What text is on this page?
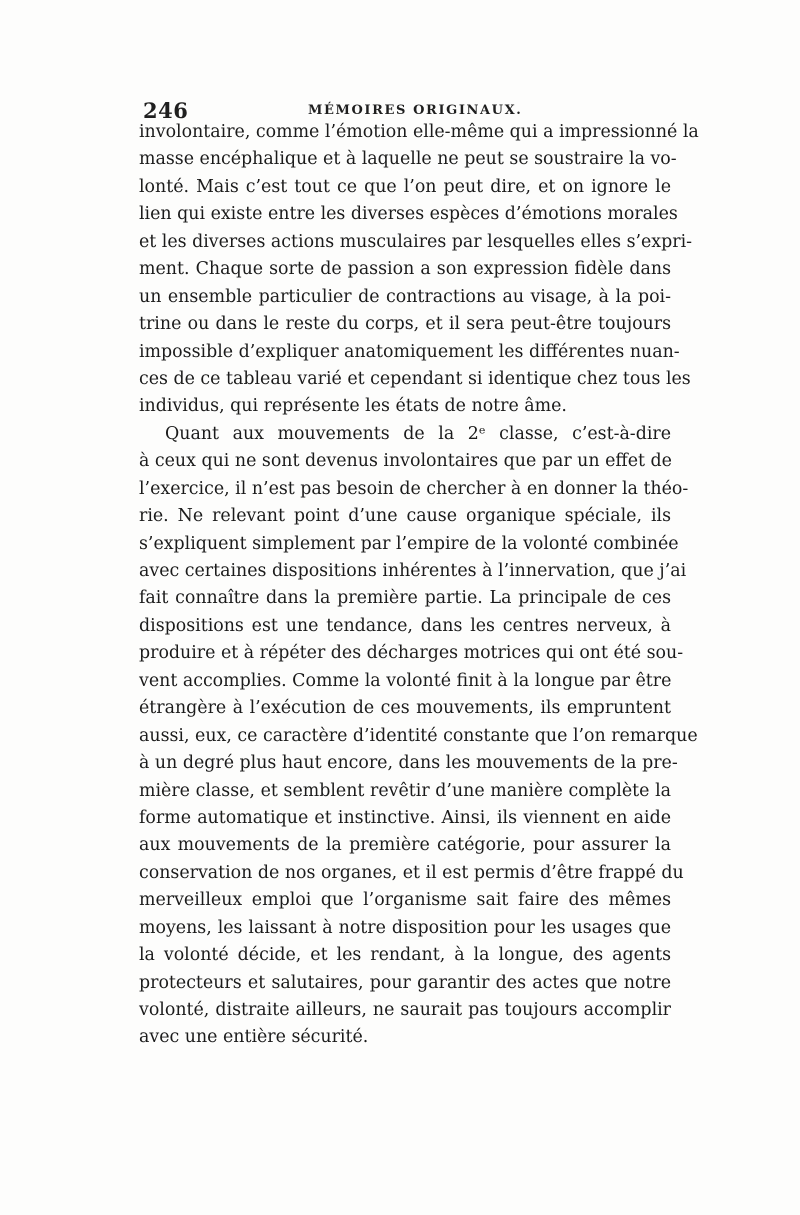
246	MÉMOIRES ORIGINAUX.
involontaire, comme l’émotion elle-même qui a impressionné la
masse encéphalique et à laquelle ne peut se soustraire la vo-
lonté. Mais c’est tout ce que l’on peut dire, et on ignore le
lien qui existe entre les diverses espèces d’émotions morales
et les diverses actions musculaires par lesquelles elles s’expri-
ment. Chaque sorte de passion a son expression fidèle dans
un ensemble particulier de contractions au visage, à la poi-
trine ou dans le reste du corps, et il sera peut-être toujours
impossible d’expliquer anatomiquement les différentes nuan-
ces de ce tableau varié et cependant si identique chez tous les
individus, qui représente les états de notre âme.
Quant aux mouvements de la 2ᵉ classe, c’est-à-dire
à ceux qui ne sont devenus involontaires que par un effet de
l’exercice, il n’est pas besoin de chercher à en donner la théo-
rie. Ne relevant point d’une cause organique spéciale, ils
s’expliquent simplement par l’empire de la volonté combinée
avec certaines dispositions inhérentes à l’innervation, que j’ai
fait connaître dans la première partie. La principale de ces
dispositions est une tendance, dans les centres nerveux, à
produire et à répéter des décharges motrices qui ont été sou-
vent accomplies. Comme la volonté finit à la longue par être
étrangère à l’exécution de ces mouvements, ils empruntent
aussi, eux, ce caractère d’identité constante que l’on remarque
à un degré plus haut encore, dans les mouvements de la pre-
mière classe, et semblent revêtir d’une manière complète la
forme automatique et instinctive. Ainsi, ils viennent en aide
aux mouvements de la première catégorie, pour assurer la
conservation de nos organes, et il est permis d’être frappé du
merveilleux emploi que l’organisme sait faire des mêmes
moyens, les laissant à notre disposition pour les usages que
la volonté décide, et les rendant, à la longue, des agents
protecteurs et salutaires, pour garantir des actes que notre
volonté, distraite ailleurs, ne saurait pas toujours accomplir
avec une entière sécurité.
